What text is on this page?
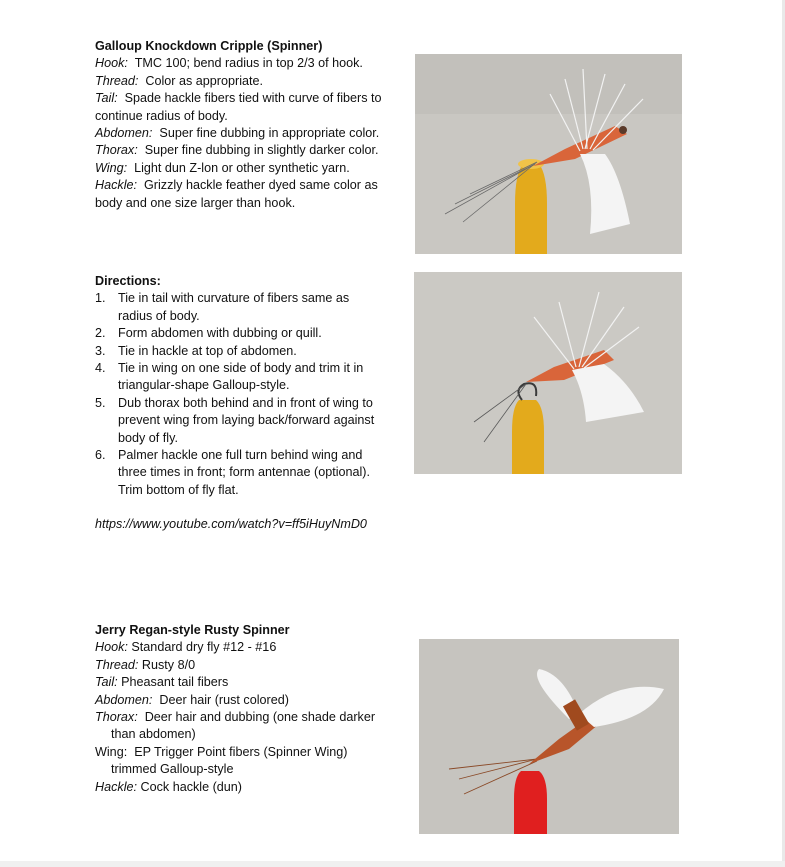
Galloup Knockdown Cripple (Spinner)
Hook: TMC 100; bend radius in top 2/3 of hook.
Thread: Color as appropriate.
Tail: Spade hackle fibers tied with curve of fibers to
continue radius of body.
Abdomen: Super fine dubbing in appropriate color.
Thorax: Super fine dubbing in slightly darker color.
Wing: Light dun Z-lon or other synthetic yarn.
Hackle: Grizzly hackle feather dyed same color as
body and one size larger than hook.
Directions:
1. Tie in tail with curvature of fibers same as
radius of body.
2. Form abdomen with dubbing or quill.
3. Tie in hackle at top of abdomen.
4. Tie in wing on one side of body and trim it in
triangular-shape Galloup-style.
5. Dub thorax both behind and in front of wing to
prevent wing from laying back/forward against
body of fly.
6. Palmer hackle one full turn behind wing and
three times in front; form antennae (optional).
Trim bottom of fly flat.
https://www.youtube.com/watch?v=ff5iHuyNmD0
Jerry Regan-style Rusty Spinner
Hook: Standard dry fly #12 - #16
Thread: Rusty 8/0
Tail: Pheasant tail fibers
Abdomen: Deer hair (rust colored)
Thorax: Deer hair and dubbing (one shade darker
than abdomen)
Wing: EP Trigger Point fibers (Spinner Wing)
trimmed Galloup-style
Hackle: Cock hackle (dun)
